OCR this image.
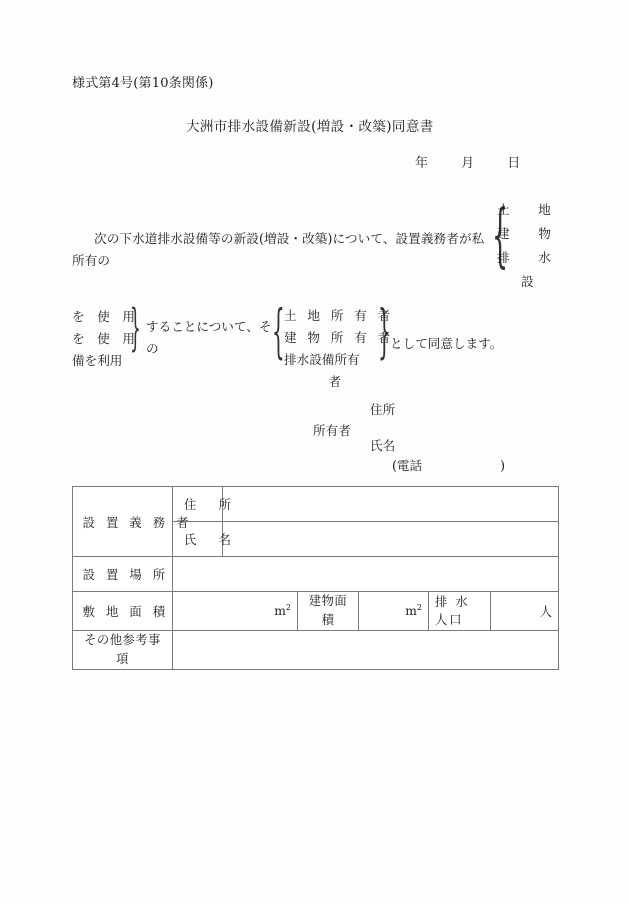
様式第4号(第10条関係)
大洲市排水設備新設(増設・改築)同意書
年	月	日
次の下水道排水設備等の新設(増設・改築)について、設置義務者が私
所有の	{
土　地
建　物
排　水
設
を　使　用
を　使　用
備を利用
} することについて、そ
の	{ 土 地 所 有 者
建 物 所 有 者
排水設備所有
者
} として同意します。
所有者
住所
氏名
(電話	)
設 置 義 務 者	住　所					
	氏　名					
設 置 場 所						
敷 地 面 積	$m^2$		建物面積	$m^2$	排 水 人口	人
その他参考事項						
